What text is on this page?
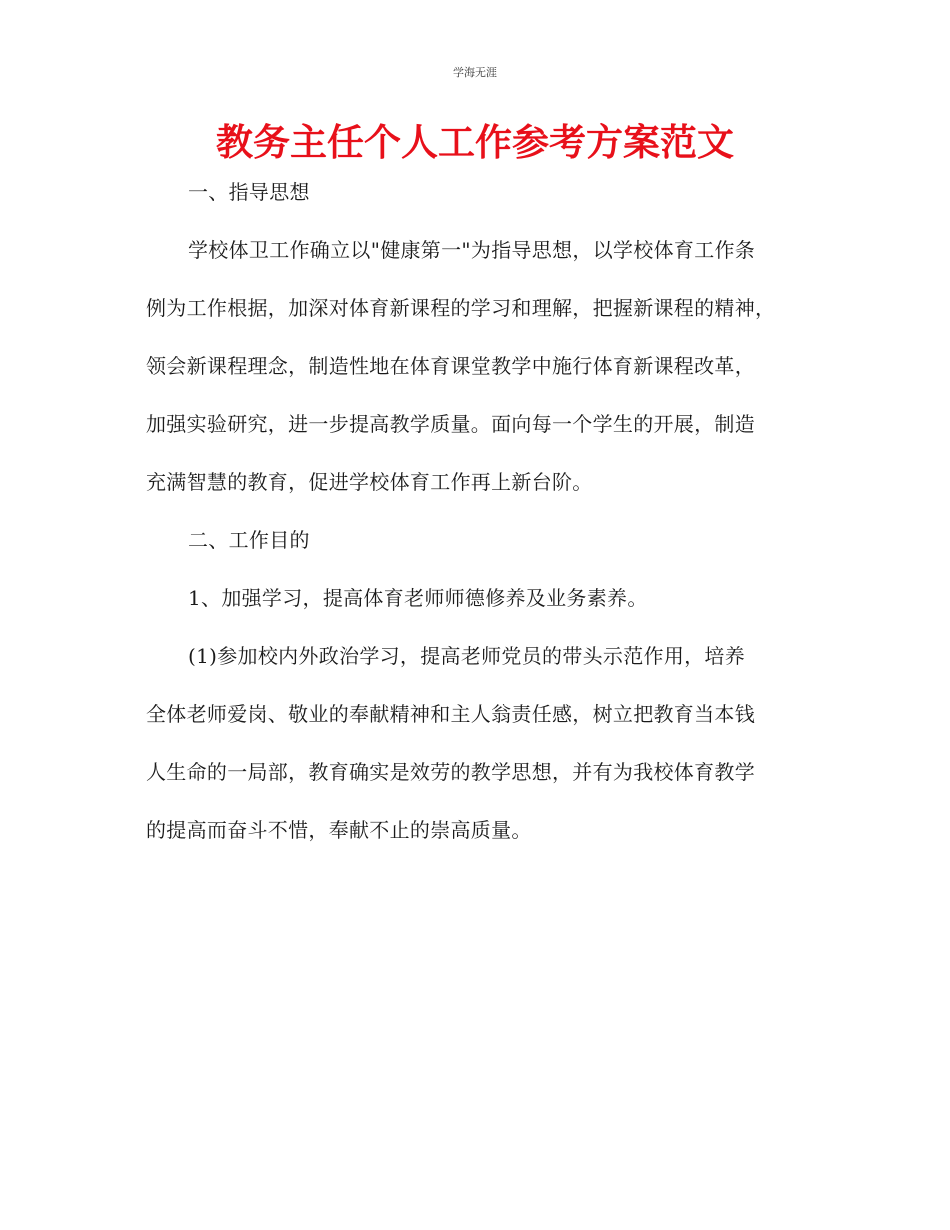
学海无涯
教务主任个人工作参考方案范文
一、指导思想
学校体卫工作确立以"健康第一"为指导思想，以学校体育工作条
例为工作根据，加深对体育新课程的学习和理解，把握新课程的精神，
领会新课程理念，制造性地在体育课堂教学中施行体育新课程改革，
加强实验研究，进一步提高教学质量。面向每一个学生的开展，制造
充满智慧的教育，促进学校体育工作再上新台阶。
二、工作目的
1、加强学习，提高体育老师师德修养及业务素养。
(1)参加校内外政治学习，提高老师党员的带头示范作用，培养
全体老师爱岗、敬业的奉献精神和主人翁责任感，树立把教育当本钱
人生命的一局部，教育确实是效劳的教学思想，并有为我校体育教学
的提高而奋斗不惜，奉献不止的崇高质量。
